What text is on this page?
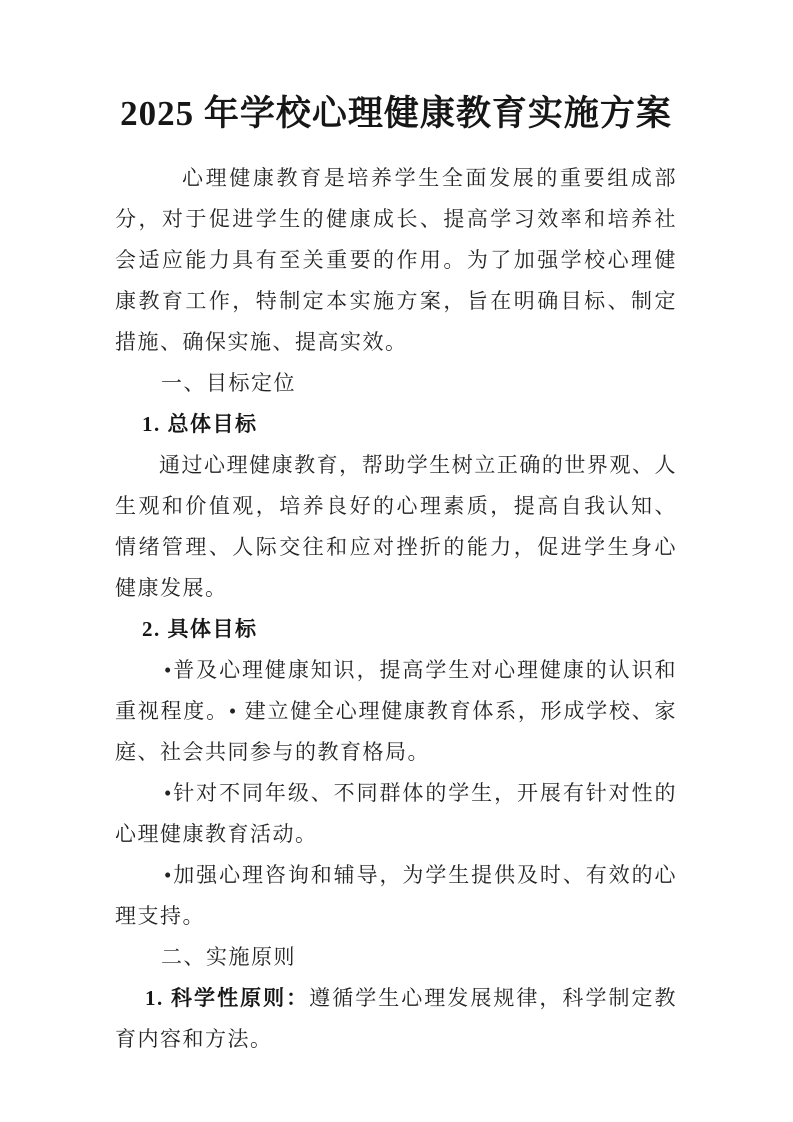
2025 年学校心理健康教育实施方案

心理健康教育是培养学生全面发展的重要组成部分，对于促进学生的健康成长、提高学习效率和培养社会适应能力具有至关重要的作用。为了加强学校心理健康教育工作，特制定本实施方案，旨在明确目标、制定措施、确保实施、提高实效。

一、目标定位

1. 总体目标

通过心理健康教育，帮助学生树立正确的世界观、人生观和价值观，培养良好的心理素质，提高自我认知、情绪管理、人际交往和应对挫折的能力，促进学生身心健康发展。

2. 具体目标

•普及心理健康知识，提高学生对心理健康的认识和重视程度。• 建立健全心理健康教育体系，形成学校、家庭、社会共同参与的教育格局。

•针对不同年级、不同群体的学生，开展有针对性的心理健康教育活动。

•加强心理咨询和辅导，为学生提供及时、有效的心理支持。

二、实施原则

1. 科学性原则：遵循学生心理发展规律，科学制定教育内容和方法。
